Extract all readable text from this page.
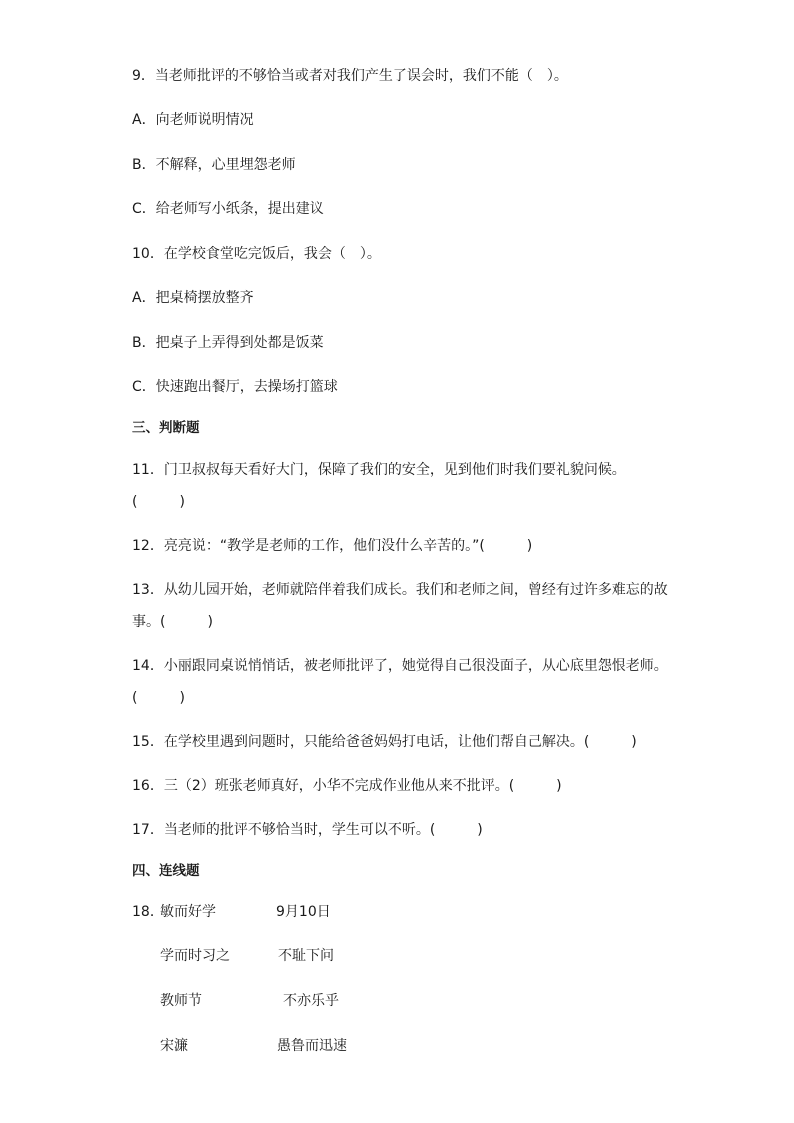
9．当老师批评的不够恰当或者对我们产生了误会时，我们不能（　）。
A．向老师说明情况
B．不解释，心里埋怨老师
C．给老师写小纸条，提出建议
10．在学校食堂吃完饭后，我会（　）。
A．把桌椅摆放整齐
B．把桌子上弄得到处都是饭菜
C．快速跑出餐厅，去操场打篮球
三、判断题
11．门卫叔叔每天看好大门，保障了我们的安全，见到他们时我们要礼貌问候。
(　　　)
12．亮亮说：“教学是老师的工作，他们没什么辛苦的。”(　　　)
13．从幼儿园开始，老师就陪伴着我们成长。我们和老师之间，曾经有过许多难忘的故
事。(　　　)
14．小丽跟同桌说悄悄话，被老师批评了，她觉得自己很没面子，从心底里怨恨老师。
(　　　)
15．在学校里遇到问题时，只能给爸爸妈妈打电话，让他们帮自己解决。(　　　)
16．三（2）班张老师真好，小华不完成作业他从来不批评。(　　　)
17．当老师的批评不够恰当时，学生可以不听。(　　　)
四、连线题
18．
敏而好学	9月10日
学而时习之	不耻下问
教师节	不亦乐乎
宋濂	愚鲁而迅速
